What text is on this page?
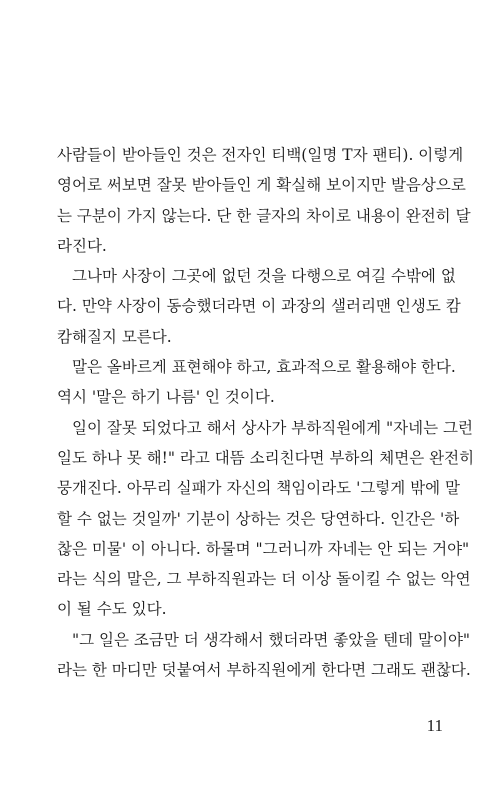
사람들이 받아들인 것은 전자인 티백(일명 T자 팬티). 이렇게
영어로 써보면 잘못 받아들인 게 확실해 보이지만 발음상으로
는 구분이 가지 않는다. 단 한 글자의 차이로 내용이 완전히 달
라진다.
그나마 사장이 그곳에 없던 것을 다행으로 여길 수밖에 없
다. 만약 사장이 동승했더라면 이 과장의 샐러리맨 인생도 캄
캄해질지 모른다.
말은 올바르게 표현해야 하고, 효과적으로 활용해야 한다.
역시 '말은 하기 나름' 인 것이다.
일이 잘못 되었다고 해서 상사가 부하직원에게 "자네는 그런
일도 하나 못 해!" 라고 대뜸 소리친다면 부하의 체면은 완전히
뭉개진다. 아무리 실패가 자신의 책임이라도 '그렇게 밖에 말
할 수 없는 것일까' 기분이 상하는 것은 당연하다. 인간은 '하
찮은 미물' 이 아니다. 하물며 "그러니까 자네는 안 되는 거야"
라는 식의 말은, 그 부하직원과는 더 이상 돌이킬 수 없는 악연
이 될 수도 있다.
"그 일은 조금만 더 생각해서 했더라면 좋았을 텐데 말이야"
라는 한 마디만 덧붙여서 부하직원에게 한다면 그래도 괜찮다.
11
